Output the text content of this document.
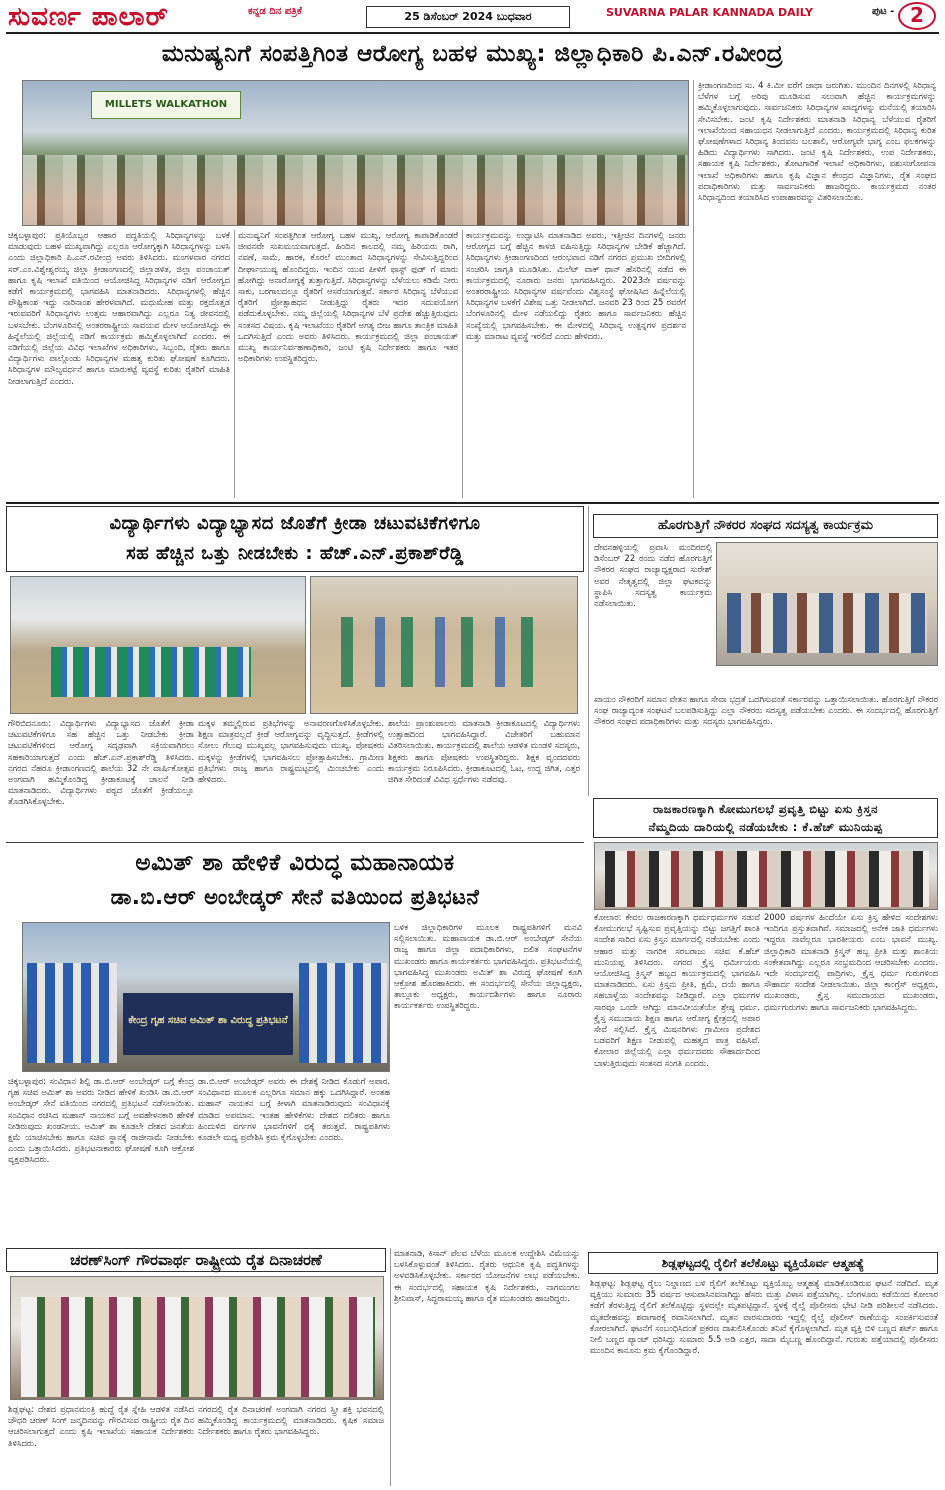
ಸುವರ್ಣ ಪಾಲಾರ್	ಕನ್ನಡ ದಿನ ಪತ್ರಿಕೆ	25 ಡಿಸೆಂಬರ್ 2024 ಬುಧವಾರ	SUVARNA PALAR KANNADA DAILY	ಪುಟ - 2
ಮನುಷ್ಯನಿಗೆ ಸಂಪತ್ತಿಗಿಂತ ಆರೋಗ್ಯ ಬಹಳ ಮುಖ್ಯ: ಜಿಲ್ಲಾಧಿಕಾರಿ ಪಿ.ಎನ್.ರವೀಂದ್ರ
MILLETS WALKATHON
ಚಿಕ್ಕಬಳ್ಳಾಪುರ: ಪ್ರತಿಯೊಬ್ಬರ ಆಹಾರ ಪದ್ಧತಿಯಲ್ಲಿ ಸಿರಿಧಾನ್ಯಗಳನ್ನು ಬಳಕೆ ಮಾಡುವುದು ಬಹಳ ಮುಖ್ಯವಾಗಿದ್ದು ಎಲ್ಲರೂ ಆರೋಗ್ಯಕ್ಕಾಗಿ ಸಿರಿಧಾನ್ಯಗಳನ್ನು ಬಳಸಿ ಎಂದು ಜಿಲ್ಲಾಧಿಕಾರಿ ಪಿ.ಎನ್.ರವೀಂದ್ರ ಅವರು ತಿಳಿಸಿದರು. ಮಂಗಳವಾರ ನಗರದ ಸರ್.ಎಂ.ವಿಶ್ವೇಶ್ವರಯ್ಯ ಜಿಲ್ಲಾ ಕ್ರೀಡಾಂಗಣದಲ್ಲಿ ಜಿಲ್ಲಾಡಳಿತ, ಜಿಲ್ಲಾ ಪಂಚಾಯತ್ ಹಾಗೂ ಕೃಷಿ ಇಲಾಖೆ ವತಿಯಿಂದ ಆಯೋಜಿಸಿದ್ದ ಸಿರಿಧಾನ್ಯಗಳ ನಡಿಗೆ ಆರೋಗ್ಯದ ಕಡೆಗೆ ಕಾರ್ಯಕ್ರಮದಲ್ಲಿ ಭಾಗವಹಿಸಿ ಮಾತನಾಡಿದರು. ಸಿರಿಧಾನ್ಯಗಳಲ್ಲಿ ಹೆಚ್ಚಿನ ಪೌಷ್ಟಿಕಾಂಶ ಇದ್ದು ನಾರಿನಾಂಶ ಹೇರಳವಾಗಿದೆ. ಮಧುಮೇಹ ಮತ್ತು ರಕ್ತದೊತ್ತಡ ಇರುವವರಿಗೆ ಸಿರಿಧಾನ್ಯಗಳು ಉತ್ತಮ ಆಹಾರವಾಗಿದ್ದು ಎಲ್ಲರೂ ನಿತ್ಯ ಜೀವನದಲ್ಲಿ ಬಳಸಬೇಕು. ಬೆಂಗಳೂರಿನಲ್ಲಿ ಅಂತರರಾಷ್ಟ್ರೀಯ ಸಾವಯವ ಮೇಳ ಆಯೋಜಿಸಿದ್ದು ಈ ಹಿನ್ನೆಲೆಯಲ್ಲಿ ಜಿಲ್ಲೆಯಲ್ಲಿ ನಡಿಗೆ ಕಾರ್ಯಕ್ರಮ ಹಮ್ಮಿಕೊಳ್ಳಲಾಗಿದೆ ಎಂದರು. ಈ ನಡಿಗೆಯಲ್ಲಿ ಜಿಲ್ಲೆಯ ವಿವಿಧ ಇಲಾಖೆಗಳ ಅಧಿಕಾರಿಗಳು, ಸಿಬ್ಬಂದಿ, ರೈತರು ಹಾಗೂ ವಿದ್ಯಾರ್ಥಿಗಳು ಪಾಲ್ಗೊಂಡು ಸಿರಿಧಾನ್ಯಗಳ ಮಹತ್ವ ಕುರಿತು ಘೋಷಣೆ ಕೂಗಿದರು. ಸಿರಿಧಾನ್ಯಗಳ ಮೌಲ್ಯವರ್ಧನೆ ಹಾಗೂ ಮಾರುಕಟ್ಟೆ ವ್ಯವಸ್ಥೆ ಕುರಿತು ರೈತರಿಗೆ ಮಾಹಿತಿ ನೀಡಲಾಗುತ್ತಿದೆ ಎಂದರು.
ಮನುಷ್ಯನಿಗೆ ಸಂಪತ್ತಿಗಿಂತ ಆರೋಗ್ಯ ಬಹಳ ಮುಖ್ಯ, ಆರೋಗ್ಯ ಕಾಪಾಡಿಕೊಂಡರೆ ಜೀವನವೇ ಸುಖಮಯವಾಗುತ್ತದೆ. ಹಿಂದಿನ ಕಾಲದಲ್ಲಿ ನಮ್ಮ ಹಿರಿಯರು ರಾಗಿ, ನವಣೆ, ಸಾಮೆ, ಹಾರಕ, ಕೊರಲೆ ಮುಂತಾದ ಸಿರಿಧಾನ್ಯಗಳನ್ನು ಸೇವಿಸುತ್ತಿದ್ದರಿಂದ ದೀರ್ಘಾಯುಷ್ಯ ಹೊಂದಿದ್ದರು. ಇಂದಿನ ಯುವ ಪೀಳಿಗೆ ಫಾಸ್ಟ್ ಫುಡ್ ಗೆ ಮಾರು ಹೋಗಿದ್ದು ಅನಾರೋಗ್ಯಕ್ಕೆ ತುತ್ತಾಗುತ್ತಿದೆ. ಸಿರಿಧಾನ್ಯಗಳನ್ನು ಬೆಳೆಯಲು ಕಡಿಮೆ ನೀರು ಸಾಕು, ಬರಗಾಲದಲ್ಲೂ ರೈತರಿಗೆ ಆಸರೆಯಾಗುತ್ತವೆ. ಸರ್ಕಾರ ಸಿರಿಧಾನ್ಯ ಬೆಳೆಯುವ ರೈತರಿಗೆ ಪ್ರೋತ್ಸಾಹಧನ ನೀಡುತ್ತಿದ್ದು ರೈತರು ಇದರ ಸದುಪಯೋಗ ಪಡೆದುಕೊಳ್ಳಬೇಕು. ನಮ್ಮ ಜಿಲ್ಲೆಯಲ್ಲಿ ಸಿರಿಧಾನ್ಯಗಳ ಬೆಳೆ ಪ್ರದೇಶ ಹೆಚ್ಚುತ್ತಿರುವುದು ಸಂತಸದ ವಿಷಯ. ಕೃಷಿ ಇಲಾಖೆಯು ರೈತರಿಗೆ ಅಗತ್ಯ ಬೀಜ ಹಾಗೂ ತಾಂತ್ರಿಕ ಮಾಹಿತಿ ಒದಗಿಸುತ್ತಿದೆ ಎಂದು ಅವರು ತಿಳಿಸಿದರು. ಕಾರ್ಯಕ್ರಮದಲ್ಲಿ ಜಿಲ್ಲಾ ಪಂಚಾಯತ್ ಮುಖ್ಯ ಕಾರ್ಯನಿರ್ವಹಣಾಧಿಕಾರಿ, ಜಂಟಿ ಕೃಷಿ ನಿರ್ದೇಶಕರು ಹಾಗೂ ಇತರ ಅಧಿಕಾರಿಗಳು ಉಪಸ್ಥಿತರಿದ್ದರು.
ಕಾರ್ಯಕ್ರಮವನ್ನು ಉದ್ಘಾಟಿಸಿ ಮಾತನಾಡಿದ ಅವರು, ಇತ್ತೀಚಿನ ದಿನಗಳಲ್ಲಿ ಜನರು ಆರೋಗ್ಯದ ಬಗ್ಗೆ ಹೆಚ್ಚಿನ ಕಾಳಜಿ ವಹಿಸುತ್ತಿದ್ದು ಸಿರಿಧಾನ್ಯಗಳ ಬೇಡಿಕೆ ಹೆಚ್ಚಾಗಿದೆ. ಸಿರಿಧಾನ್ಯಗಳು ಕ್ರೀಡಾಂಗಣದಿಂದ ಆರಂಭವಾದ ನಡಿಗೆ ನಗರದ ಪ್ರಮುಖ ಬೀದಿಗಳಲ್ಲಿ ಸಂಚರಿಸಿ ಜಾಗೃತಿ ಮೂಡಿಸಿತು. ಮಿಲೆಟ್ ವಾಕ್ ಥಾನ್ ಹೆಸರಿನಲ್ಲಿ ನಡೆದ ಈ ಕಾರ್ಯಕ್ರಮದಲ್ಲಿ ನೂರಾರು ಜನರು ಭಾಗವಹಿಸಿದ್ದರು. 2023ನೇ ವರ್ಷವನ್ನು ಅಂತರರಾಷ್ಟ್ರೀಯ ಸಿರಿಧಾನ್ಯಗಳ ವರ್ಷವೆಂದು ವಿಶ್ವಸಂಸ್ಥೆ ಘೋಷಿಸಿದ ಹಿನ್ನೆಲೆಯಲ್ಲಿ ಸಿರಿಧಾನ್ಯಗಳ ಬಳಕೆಗೆ ವಿಶೇಷ ಒತ್ತು ನೀಡಲಾಗಿದೆ. ಜನವರಿ 23 ರಿಂದ 25 ರವರೆಗೆ ಬೆಂಗಳೂರಿನಲ್ಲಿ ಮೇಳ ನಡೆಯಲಿದ್ದು ರೈತರು ಹಾಗೂ ಸಾರ್ವಜನಿಕರು ಹೆಚ್ಚಿನ ಸಂಖ್ಯೆಯಲ್ಲಿ ಭಾಗವಹಿಸಬೇಕು. ಈ ಮೇಳದಲ್ಲಿ ಸಿರಿಧಾನ್ಯ ಉತ್ಪನ್ನಗಳ ಪ್ರದರ್ಶನ ಮತ್ತು ಮಾರಾಟ ವ್ಯವಸ್ಥೆ ಇರಲಿದೆ ಎಂದು ಹೇಳಿದರು.
ಕ್ರೀಡಾಂಗಣದಿಂದ ಸು. 4 ಕಿ.ಮೀ ವರೆಗೆ ಜಾಥಾ ಜರುಗಿತು. ಮುಂದಿನ ದಿನಗಳಲ್ಲಿ ಸಿರಿಧಾನ್ಯ ಬೆಳೆಗಳ ಬಗ್ಗೆ ಅರಿವು ಮೂಡಿಸುವ ಸಲುವಾಗಿ ಹೆಚ್ಚಿನ ಕಾರ್ಯಕ್ರಮಗಳನ್ನು ಹಮ್ಮಿಕೊಳ್ಳಲಾಗುವುದು. ಸಾರ್ವಜನಿಕರು ಸಿರಿಧಾನ್ಯಗಳ ಖಾದ್ಯಗಳನ್ನು ಮನೆಯಲ್ಲಿ ತಯಾರಿಸಿ ಸೇವಿಸಬೇಕು. ಜಂಟಿ ಕೃಷಿ ನಿರ್ದೇಶಕರು ಮಾತನಾಡಿ ಸಿರಿಧಾನ್ಯ ಬೆಳೆಯುವ ರೈತರಿಗೆ ಇಲಾಖೆಯಿಂದ ಸಹಾಯಧನ ನೀಡಲಾಗುತ್ತಿದೆ ಎಂದರು. ಕಾರ್ಯಕ್ರಮದಲ್ಲಿ ಸಿರಿಧಾನ್ಯ ಕುರಿತ ಘೋಷಣೆಗಳಾದ ಸಿರಿಧಾನ್ಯ ತಿಂದವನು ಬಲಶಾಲಿ, ಆರೋಗ್ಯವೇ ಭಾಗ್ಯ ಎಂಬ ಫಲಕಗಳನ್ನು ಹಿಡಿದು ವಿದ್ಯಾರ್ಥಿಗಳು ಸಾಗಿದರು. ಜಂಟಿ ಕೃಷಿ ನಿರ್ದೇಶಕರು, ಉಪ ನಿರ್ದೇಶಕರು, ಸಹಾಯಕ ಕೃಷಿ ನಿರ್ದೇಶಕರು, ತೋಟಗಾರಿಕೆ ಇಲಾಖೆ ಅಧಿಕಾರಿಗಳು, ಪಶುಸಂಗೋಪನಾ ಇಲಾಖೆ ಅಧಿಕಾರಿಗಳು ಹಾಗೂ ಕೃಷಿ ವಿಜ್ಞಾನ ಕೇಂದ್ರದ ವಿಜ್ಞಾನಿಗಳು, ರೈತ ಸಂಘದ ಪದಾಧಿಕಾರಿಗಳು ಮತ್ತು ಸಾರ್ವಜನಿಕರು ಹಾಜರಿದ್ದರು. ಕಾರ್ಯಕ್ರಮದ ನಂತರ ಸಿರಿಧಾನ್ಯದಿಂದ ತಯಾರಿಸಿದ ಉಪಾಹಾರವನ್ನು ವಿತರಿಸಲಾಯಿತು.
ವಿದ್ಯಾರ್ಥಿಗಳು ವಿದ್ಯಾಭ್ಯಾಸದ ಜೊತೆಗೆ ಕ್ರೀಡಾ ಚಟುವಟಿಕೆಗಳಿಗೂ
ಸಹ ಹೆಚ್ಚಿನ ಒತ್ತು ನೀಡಬೇಕು : ಹೆಚ್.ಎನ್.ಪ್ರಕಾಶ್‌ರೆಡ್ಡಿ
ಗೌರಿಬಿದನೂರು: ವಿದ್ಯಾರ್ಥಿಗಳು ವಿದ್ಯಾಭ್ಯಾಸದ ಜೊತೆಗೆ ಕ್ರೀಡಾ ಚಟುವಟಿಕೆಗಳಿಗೂ ಸಹ ಹೆಚ್ಚಿನ ಒತ್ತು ನೀಡಬೇಕು ಕ್ರೀಡಾ ಚಟುವಟಿಕೆಗಳಿಂದ ಆರೋಗ್ಯ ಸದೃಢವಾಗಿ ಸಕ್ರಿಯವಾಗಿರಲು ಸಹಕಾರಿಯಾಗುತ್ತದೆ ಎಂದು ಹೆಚ್.ಎನ್.ಪ್ರಕಾಶ್‌ರೆಡ್ಡಿ ತಿಳಿಸಿದರು. ನಗರದ ನೆಹರೂ ಕ್ರೀಡಾಂಗಣದಲ್ಲಿ ಶಾಲೆಯ 32 ನೇ ವಾರ್ಷಿಕೋತ್ಸವ ಅಂಗವಾಗಿ ಹಮ್ಮಿಕೊಂಡಿದ್ದ ಕ್ರೀಡಾಕೂಟಕ್ಕೆ ಚಾಲನೆ ನೀಡಿ ಮಾತನಾಡಿದರು. ವಿದ್ಯಾರ್ಥಿಗಳು ಪಠ್ಯದ ಜೊತೆಗೆ ಕ್ರೀಡೆಯಲ್ಲೂ ತೊಡಗಿಸಿಕೊಳ್ಳಬೇಕು.
ಮಕ್ಕಳ ತಮ್ಮಲ್ಲಿರುವ ಪ್ರತಿಭೆಗಳನ್ನು ಅನಾವರಣಗೊಳಿಸಿಕೊಳ್ಳಬೇಕು. ಶಿಕ್ಷಣ ಮಾತ್ರವಲ್ಲದೆ ಕ್ರೀಡೆ ಆರೋಗ್ಯವನ್ನು ವೃದ್ಧಿಸುತ್ತದೆ. ಕ್ರೀಡೆಗಳಲ್ಲಿ ಸೋಲು ಗೆಲುವು ಮುಖ್ಯವಲ್ಲ ಭಾಗವಹಿಸುವುದು ಮುಖ್ಯ. ಪೋಷಕರು ಮಕ್ಕಳನ್ನು ಕ್ರೀಡೆಗಳಲ್ಲಿ ಭಾಗವಹಿಸಲು ಪ್ರೋತ್ಸಾಹಿಸಬೇಕು. ಗ್ರಾಮೀಣ ಪ್ರತಿಭೆಗಳು ರಾಜ್ಯ ಹಾಗೂ ರಾಷ್ಟ್ರಮಟ್ಟದಲ್ಲಿ ಮಿಂಚಬೇಕು ಎಂದು ಹೇಳಿದರು.
ಶಾಲೆಯ ಪ್ರಾಂಶುಪಾಲರು ಮಾತನಾಡಿ ಕ್ರೀಡಾಕೂಟದಲ್ಲಿ ವಿದ್ಯಾರ್ಥಿಗಳು ಉತ್ಸಾಹದಿಂದ ಭಾಗವಹಿಸಿದ್ದಾರೆ. ವಿಜೇತರಿಗೆ ಬಹುಮಾನ ವಿತರಿಸಲಾಯಿತು. ಕಾರ್ಯಕ್ರಮದಲ್ಲಿ ಶಾಲೆಯ ಆಡಳಿತ ಮಂಡಳಿ ಸದಸ್ಯರು, ಶಿಕ್ಷಕರು ಹಾಗೂ ಪೋಷಕರು ಉಪಸ್ಥಿತರಿದ್ದರು. ಶಿಕ್ಷಕ ವೃಂದದವರು ಕಾರ್ಯಕ್ರಮ ನಿರೂಪಿಸಿದರು. ಕ್ರೀಡಾಕೂಟದಲ್ಲಿ ಓಟ, ಉದ್ದ ಜಿಗಿತ, ಎತ್ತರ ಜಿಗಿತ ಸೇರಿದಂತೆ ವಿವಿಧ ಸ್ಪರ್ಧೆಗಳು ನಡೆದವು.
ಹೊರಗುತ್ತಿಗೆ ನೌಕರರ ಸಂಘದ ಸದಸ್ಯತ್ವ ಕಾರ್ಯಕ್ರಮ
ದೇವನಹಳ್ಳಿಯಲ್ಲಿ ಪ್ರವಾಸಿ ಮಂದಿರದಲ್ಲಿ ಡಿಸೆಂಬರ್ 22 ರಂದು ನಡೆದ ಹೊರಗುತ್ತಿಗೆ ನೌಕರರ ಸಂಘದ ರಾಜ್ಯಾಧ್ಯಕ್ಷರಾದ ಸುರೇಶ್ ಅವರ ನೇತೃತ್ವದಲ್ಲಿ ಜಿಲ್ಲಾ ಘಟಕವನ್ನು ಸ್ಥಾಪಿಸಿ ಸದಸ್ಯತ್ವ ಕಾರ್ಯಕ್ರಮ ನಡೆಸಲಾಯಿತು.
ಖಾಯಂ ನೌಕರರಿಗೆ ಸಮಾನ ವೇತನ ಹಾಗೂ ಸೇವಾ ಭದ್ರತೆ ಒದಗಿಸುವಂತೆ ಸರ್ಕಾರವನ್ನು ಒತ್ತಾಯಿಸಲಾಯಿತು. ಹೊರಗುತ್ತಿಗೆ ನೌಕರರ ಸಂಘ ರಾಜ್ಯಾದ್ಯಂತ ಸಂಘಟನೆ ಬಲಪಡಿಸುತ್ತಿದ್ದು ಎಲ್ಲಾ ನೌಕರರು ಸದಸ್ಯತ್ವ ಪಡೆಯಬೇಕು ಎಂದರು. ಈ ಸಂದರ್ಭದಲ್ಲಿ ಹೊರಗುತ್ತಿಗೆ ನೌಕರರ ಸಂಘದ ಪದಾಧಿಕಾರಿಗಳು ಮತ್ತು ಸದಸ್ಯರು ಭಾಗವಹಿಸಿದ್ದರು.
ರಾಜಕಾರಣಕ್ಕಾಗಿ ಕೋಮುಗಲಭೆ ಪ್ರವೃತ್ತಿ ಬಿಟ್ಟು ಏಸು ಕ್ರಿಸ್ತನ
ನೆಮ್ಮದಿಯ ದಾರಿಯಲ್ಲಿ ನಡೆಯಬೇಕು : ಕೆ.ಹೆಚ್ ಮುನಿಯಪ್ಪ
ಕೋಲಾರ: ಕೇವಲ ರಾಜಕಾರಣಕ್ಕಾಗಿ ಧರ್ಮಧರ್ಮಗಳ ನಡುವೆ ಕೋಮುಗಲಭೆ ಸೃಷ್ಟಿಸುವ ಪ್ರವೃತ್ತಿಯನ್ನು ಬಿಟ್ಟು ಜಗತ್ತಿಗೆ ಶಾಂತಿ ಸಂದೇಶ ಸಾರಿದ ಏಸು ಕ್ರಿಸ್ತನ ಮಾರ್ಗದಲ್ಲಿ ನಡೆಯಬೇಕು ಎಂದು ಆಹಾರ ಮತ್ತು ನಾಗರಿಕ ಸರಬರಾಜು ಸಚಿವ ಕೆ.ಹೆಚ್ ಮುನಿಯಪ್ಪ ತಿಳಿಸಿದರು. ನಗರದ ಕ್ರೈಸ್ತ ಧರ್ಮೀಯರು ಆಯೋಜಿಸಿದ್ದ ಕ್ರಿಸ್ಮಸ್ ಹಬ್ಬದ ಕಾರ್ಯಕ್ರಮದಲ್ಲಿ ಭಾಗವಹಿಸಿ ಮಾತನಾಡಿದರು. ಏಸು ಕ್ರಿಸ್ತನು ಪ್ರೀತಿ, ಕ್ಷಮೆ, ದಯೆ ಹಾಗೂ ಸಹಬಾಳ್ವೆಯ ಸಂದೇಶವನ್ನು ನೀಡಿದ್ದಾರೆ. ಎಲ್ಲಾ ಧರ್ಮಗಳ ಸಾರವೂ ಒಂದೇ ಆಗಿದ್ದು ಮಾನವೀಯತೆಯೇ ಶ್ರೇಷ್ಠ ಧರ್ಮ. ಕ್ರೈಸ್ತ ಸಮುದಾಯ ಶಿಕ್ಷಣ ಹಾಗೂ ಆರೋಗ್ಯ ಕ್ಷೇತ್ರದಲ್ಲಿ ಅಪಾರ ಸೇವೆ ಸಲ್ಲಿಸಿದೆ. ಕ್ರೈಸ್ತ ಮಿಷನರಿಗಳು ಗ್ರಾಮೀಣ ಪ್ರದೇಶದ ಬಡವರಿಗೆ ಶಿಕ್ಷಣ ನೀಡುವಲ್ಲಿ ಮಹತ್ವದ ಪಾತ್ರ ವಹಿಸಿವೆ. ಕೋಲಾರ ಜಿಲ್ಲೆಯಲ್ಲಿ ಎಲ್ಲಾ ಧರ್ಮದವರು ಸೌಹಾರ್ದದಿಂದ ಬಾಳುತ್ತಿರುವುದು ಸಂತಸದ ಸಂಗತಿ ಎಂದರು.
2000 ವರ್ಷಗಳ ಹಿಂದೆಯೇ ಏಸು ಕ್ರಿಸ್ತ ಹೇಳಿದ ಸಂದೇಶಗಳು ಇಂದಿಗೂ ಪ್ರಸ್ತುತವಾಗಿವೆ. ಸಮಾಜದಲ್ಲಿ ಅನೇಕ ಜಾತಿ ಧರ್ಮಗಳು ಇದ್ದರೂ ನಾವೆಲ್ಲರೂ ಭಾರತೀಯರು ಎಂಬ ಭಾವನೆ ಮುಖ್ಯ. ಜಿಲ್ಲಾಧಿಕಾರಿ ಮಾತನಾಡಿ ಕ್ರಿಸ್ಮಸ್ ಹಬ್ಬ ಪ್ರೀತಿ ಮತ್ತು ಶಾಂತಿಯ ಸಂಕೇತವಾಗಿದ್ದು ಎಲ್ಲರೂ ಸಂಭ್ರಮದಿಂದ ಆಚರಿಸಬೇಕು ಎಂದರು. ಇದೇ ಸಂದರ್ಭದಲ್ಲಿ ಪಾದ್ರಿಗಳು, ಕ್ರೈಸ್ತ ಧರ್ಮ ಗುರುಗಳಿಂದ ಸೌಹಾರ್ದ ಸಂದೇಶ ನೀಡಲಾಯಿತು. ಜಿಲ್ಲಾ ಕಾಂಗ್ರೆಸ್ ಅಧ್ಯಕ್ಷರು, ಮುಖಂಡರು, ಕ್ರೈಸ್ತ ಸಮುದಾಯದ ಮುಖಂಡರು, ಧರ್ಮಗುರುಗಳು ಹಾಗೂ ಸಾರ್ವಜನಿಕರು ಭಾಗವಹಿಸಿದ್ದರು.
ಅಮಿತ್ ಶಾ ಹೇಳಿಕೆ ವಿರುದ್ಧ ಮಹಾನಾಯಕ
ಡಾ.ಬಿ.ಆರ್ ಅಂಬೇಡ್ಕರ್ ಸೇನೆ ವತಿಯಿಂದ ಪ್ರತಿಭಟನೆ
ಕೇಂದ್ರ ಗೃಹ ಸಚಿವ ಅಮಿತ್ ಶಾ ವಿರುದ್ಧ ಪ್ರತಿಭಟನೆ
ಬಳಿಕ ಜಿಲ್ಲಾಧಿಕಾರಿಗಳ ಮೂಲಕ ರಾಷ್ಟ್ರಪತಿಗಳಿಗೆ ಮನವಿ ಸಲ್ಲಿಸಲಾಯಿತು. ಮಹಾನಾಯಕ ಡಾ.ಬಿ.ಆರ್ ಅಂಬೇಡ್ಕರ್ ಸೇನೆಯ ರಾಜ್ಯ ಹಾಗೂ ಜಿಲ್ಲಾ ಪದಾಧಿಕಾರಿಗಳು, ದಲಿತ ಸಂಘಟನೆಗಳ ಮುಖಂಡರು ಹಾಗೂ ಕಾರ್ಯಕರ್ತರು ಭಾಗವಹಿಸಿದ್ದರು. ಪ್ರತಿಭಟನೆಯಲ್ಲಿ ಭಾಗವಹಿಸಿದ್ದ ಮುಖಂಡರು ಅಮಿತ್ ಶಾ ವಿರುದ್ಧ ಘೋಷಣೆ ಕೂಗಿ ಆಕ್ರೋಶ ಹೊರಹಾಕಿದರು. ಈ ಸಂದರ್ಭದಲ್ಲಿ ಸೇನೆಯ ಜಿಲ್ಲಾಧ್ಯಕ್ಷರು, ತಾಲ್ಲೂಕು ಅಧ್ಯಕ್ಷರು, ಕಾರ್ಯದರ್ಶಿಗಳು ಹಾಗೂ ನೂರಾರು ಕಾರ್ಯಕರ್ತರು ಉಪಸ್ಥಿತರಿದ್ದರು.
ಚಿಕ್ಕಬಳ್ಳಾಪುರ: ಸಂವಿಧಾನ ಶಿಲ್ಪಿ ಡಾ.ಬಿ.ಆರ್ ಅಂಬೇಡ್ಕರ್ ಬಗ್ಗೆ ಕೇಂದ್ರ ಗೃಹ ಸಚಿವ ಅಮಿತ್ ಶಾ ಅವರು ನೀಡಿದ ಹೇಳಿಕೆ ಖಂಡಿಸಿ ಡಾ.ಬಿ.ಆರ್ ಅಂಬೇಡ್ಕರ್ ಸೇನೆ ವತಿಯಿಂದ ನಗರದಲ್ಲಿ ಪ್ರತಿಭಟನೆ ನಡೆಸಲಾಯಿತು. ಸಂವಿಧಾನ ರಚಿಸಿದ ಮಹಾನ್ ನಾಯಕನ ಬಗ್ಗೆ ಅವಹೇಳನಕಾರಿ ಹೇಳಿಕೆ ನೀಡಿರುವುದು ಖಂಡನೀಯ. ಅಮಿತ್ ಶಾ ಕೂಡಲೇ ದೇಶದ ಜನತೆಯ ಕ್ಷಮೆ ಯಾಚಿಸಬೇಕು ಹಾಗೂ ಸಚಿವ ಸ್ಥಾನಕ್ಕೆ ರಾಜೀನಾಮೆ ನೀಡಬೇಕು ಎಂದು ಒತ್ತಾಯಿಸಿದರು. ಪ್ರತಿಭಟನಾಕಾರರು ಘೋಷಣೆ ಕೂಗಿ ಆಕ್ರೋಶ ವ್ಯಕ್ತಪಡಿಸಿದರು.
ಡಾ.ಬಿ.ಆರ್ ಅಂಬೇಡ್ಕರ್ ಅವರು ಈ ದೇಶಕ್ಕೆ ನೀಡಿದ ಕೊಡುಗೆ ಅಪಾರ. ಸಂವಿಧಾನದ ಮೂಲಕ ಎಲ್ಲರಿಗೂ ಸಮಾನ ಹಕ್ಕು ಒದಗಿಸಿದ್ದಾರೆ. ಅಂತಹ ಮಹಾನ್ ನಾಯಕನ ಬಗ್ಗೆ ಕೀಳಾಗಿ ಮಾತನಾಡಿರುವುದು ಸಂವಿಧಾನಕ್ಕೆ ಮಾಡಿದ ಅಪಮಾನ. ಇಂತಹ ಹೇಳಿಕೆಗಳು ದೇಶದ ದಲಿತರು ಹಾಗೂ ಹಿಂದುಳಿದ ವರ್ಗಗಳ ಭಾವನೆಗಳಿಗೆ ಧಕ್ಕೆ ತರುತ್ತವೆ. ರಾಷ್ಟ್ರಪತಿಗಳು ಕೂಡಲೇ ಮಧ್ಯ ಪ್ರವೇಶಿಸಿ ಕ್ರಮ ಕೈಗೊಳ್ಳಬೇಕು ಎಂದರು.
ಚರಣ್‌ಸಿಂಗ್ ಗೌರವಾರ್ಥ ರಾಷ್ಟ್ರೀಯ ರೈತ ದಿನಾಚರಣೆ
ಶಿಡ್ಲಘಟ್ಟ: ದೇಶದ ಪ್ರಧಾನಮಂತ್ರಿ ಹುದ್ದೆ ರೈತ ಸ್ನೇಹಿ ಆಡಳಿತ ನಡೆಸಿದ ಚೌಧರಿ ಚರಣ್ ಸಿಂಗ್ ಜನ್ಮದಿನವನ್ನು ಗೌರವಿಸುವ ರಾಷ್ಟ್ರೀಯ ರೈತ ದಿನ ಆಚರಿಸಲಾಗುತ್ತದೆ ಎಂದು ಕೃಷಿ ಇಲಾಖೆಯ ಸಹಾಯಕ ನಿರ್ದೇಶಕರು ತಿಳಿಸಿದರು.
ನಗರದಲ್ಲಿ ರೈತ ದಿನಾಚರಣೆ ಅಂಗವಾಗಿ ನಗರದ ಸ್ತ್ರೀ ಶಕ್ತಿ ಭವನದಲ್ಲಿ ಹಮ್ಮಿಕೊಂಡಿದ್ದ ಕಾರ್ಯಕ್ರಮದಲ್ಲಿ ಮಾತನಾಡಿದರು. ಕೃಷಿಕ ಸಮಾಜ ನಿರ್ದೇಶಕರು ಹಾಗೂ ರೈತರು ಭಾಗವಹಿಸಿದ್ದರು.
ಮಾತನಾಡಿ, ಕಿಸಾನ್ ಪೆಲವ ಬೆಳೆಯ ಮೂಲಕ ಉದ್ದೇಶಿಸಿ ವಿಮೆಯನ್ನು ಬಳಸಿಕೊಳ್ಳುವಂತೆ ತಿಳಿಸಿದರು. ರೈತರು ಆಧುನಿಕ ಕೃಷಿ ಪದ್ಧತಿಗಳನ್ನು ಅಳವಡಿಸಿಕೊಳ್ಳಬೇಕು. ಸರ್ಕಾರದ ಯೋಜನೆಗಳ ಲಾಭ ಪಡೆಯಬೇಕು. ಈ ಸಂದರ್ಭದಲ್ಲಿ ಸಹಾಯಕ ಕೃಷಿ ನಿರ್ದೇಶಕರು, ನಾಗಮಂಗಲ ಶ್ರೀನಿವಾಸ್, ಸಿದ್ಧರಾಮಯ್ಯ ಹಾಗೂ ರೈತ ಮುಖಂಡರು ಹಾಜರಿದ್ದರು.
ಶಿಡ್ಲಘಟ್ಟದಲ್ಲಿ ರೈಲಿಗೆ ತಲೆಕೊಟ್ಟು ವ್ಯಕ್ತಿಯೊರ್ವ ಆತ್ಮಹತ್ಯೆ
ಶಿಡ್ಲಘಟ್ಟ: ಶಿಡ್ಲಘಟ್ಟ ರೈಲು ನಿಲ್ದಾಣದ ಬಳಿ ರೈಲಿಗೆ ತಲೆಕೊಟ್ಟು ವ್ಯಕ್ತಿಯೊಬ್ಬ ಆತ್ಮಹತ್ಯೆ ಮಾಡಿಕೊಂಡಿರುವ ಘಟನೆ ನಡೆದಿದೆ. ಮೃತ ವ್ಯಕ್ತಿಯು ಸುಮಾರು 35 ವರ್ಷದ ಆಸುಪಾಸಿನವನಾಗಿದ್ದು ಹೆಸರು ಮತ್ತು ವಿಳಾಸ ಪತ್ತೆಯಾಗಿಲ್ಲ. ಬೆಂಗಳೂರು ಕಡೆಯಿಂದ ಕೋಲಾರ ಕಡೆಗೆ ತೆರಳುತ್ತಿದ್ದ ರೈಲಿಗೆ ತಲೆಕೊಟ್ಟಿದ್ದು ಸ್ಥಳದಲ್ಲೇ ಮೃತಪಟ್ಟಿದ್ದಾನೆ. ಸ್ಥಳಕ್ಕೆ ರೈಲ್ವೆ ಪೊಲೀಸರು ಭೇಟಿ ನೀಡಿ ಪರಿಶೀಲನೆ ನಡೆಸಿದರು. ಮೃತದೇಹವನ್ನು ಶವಾಗಾರಕ್ಕೆ ರವಾನಿಸಲಾಗಿದೆ. ಮೃತನ ವಾರಸುದಾರರು ಇದ್ದಲ್ಲಿ ರೈಲ್ವೆ ಪೊಲೀಸ್ ಠಾಣೆಯನ್ನು ಸಂಪರ್ಕಿಸುವಂತೆ ಕೋರಲಾಗಿದೆ. ಘಟನೆಗೆ ಸಂಬಂಧಿಸಿದಂತೆ ಪ್ರಕರಣ ದಾಖಲಿಸಿಕೊಂಡು ತನಿಖೆ ಕೈಗೊಳ್ಳಲಾಗಿದೆ. ಮೃತ ವ್ಯಕ್ತಿ ಬಿಳಿ ಬಣ್ಣದ ಶರ್ಟ್ ಹಾಗೂ ನೀಲಿ ಬಣ್ಣದ ಪ್ಯಾಂಟ್ ಧರಿಸಿದ್ದು ಸುಮಾರು 5.5 ಅಡಿ ಎತ್ತರ, ಸಾದಾ ಮೈಬಣ್ಣ ಹೊಂದಿದ್ದಾನೆ. ಗುರುತು ಪತ್ತೆಯಾದಲ್ಲಿ ಪೊಲೀಸರು ಮುಂದಿನ ಕಾನೂನು ಕ್ರಮ ಕೈಗೊಂಡಿದ್ದಾರೆ.
